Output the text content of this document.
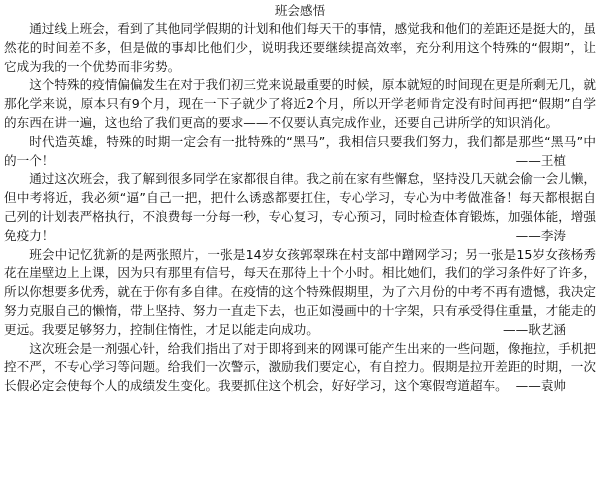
班会感悟

通过线上班会，看到了其他同学假期的计划和他们每天干的事情，感觉我和他们的差距还是挺大的，虽然花的时间差不多，但是做的事却比他们少，说明我还要继续提高效率，充分利用这个特殊的“假期”，让它成为我的一个优势而非劣势。

这个特殊的疫情偏偏发生在对于我们初三党来说最重要的时候，原本就短的时间现在更是所剩无几，就那化学来说，原本只有9个月，现在一下子就少了将近2个月，所以开学老师肯定没有时间再把“假期”自学的东西在讲一遍，这也给了我们更高的要求——不仅要认真完成作业，还要自己讲所学的知识消化。

时代造英雄，特殊的时期一定会有一批特殊的“黑马”，我相信只要我们努力，我们都是那些“黑马”中的一个！	——王植

通过这次班会，我了解到很多同学在家都很自律。我之前在家有些懈怠，坚持没几天就会偷一会儿懒，但中考将近，我必须“逼”自己一把，把什么诱惑都要扛住，专心学习，专心为中考做准备！每天都根据自己列的计划表严格执行，不浪费每一分每一秒，专心复习，专心预习，同时检查体育锻炼，加强体能，增强免疫力！	——李涛

班会中记忆犹新的是两张照片，一张是14岁女孩郭翠珠在村支部中蹭网学习；另一张是15岁女孩杨秀花在崖壁边上上课，因为只有那里有信号，每天在那待上十个小时。相比她们，我们的学习条件好了许多，所以你想要多优秀，就在于你有多自律。在疫情的这个特殊假期里，为了六月份的中考不再有遗憾，我决定努力克服自己的懒惰，带上坚持、努力一直走下去，也正如漫画中的十字架，只有承受得住重量，才能走的更远。我要足够努力，控制住惰性，才足以能走向成功。	——耿艺涵

这次班会是一剂强心针，给我们指出了对于即将到来的网课可能产生出来的一些问题，像拖拉，手机把控不严，不专心学习等问题。给我们一次警示，激励我们要定心，有自控力。假期是拉开差距的时期，一次长假必定会使每个人的成绩发生变化。我要抓住这个机会，好好学习，这个寒假弯道超车。 ——袁帅
